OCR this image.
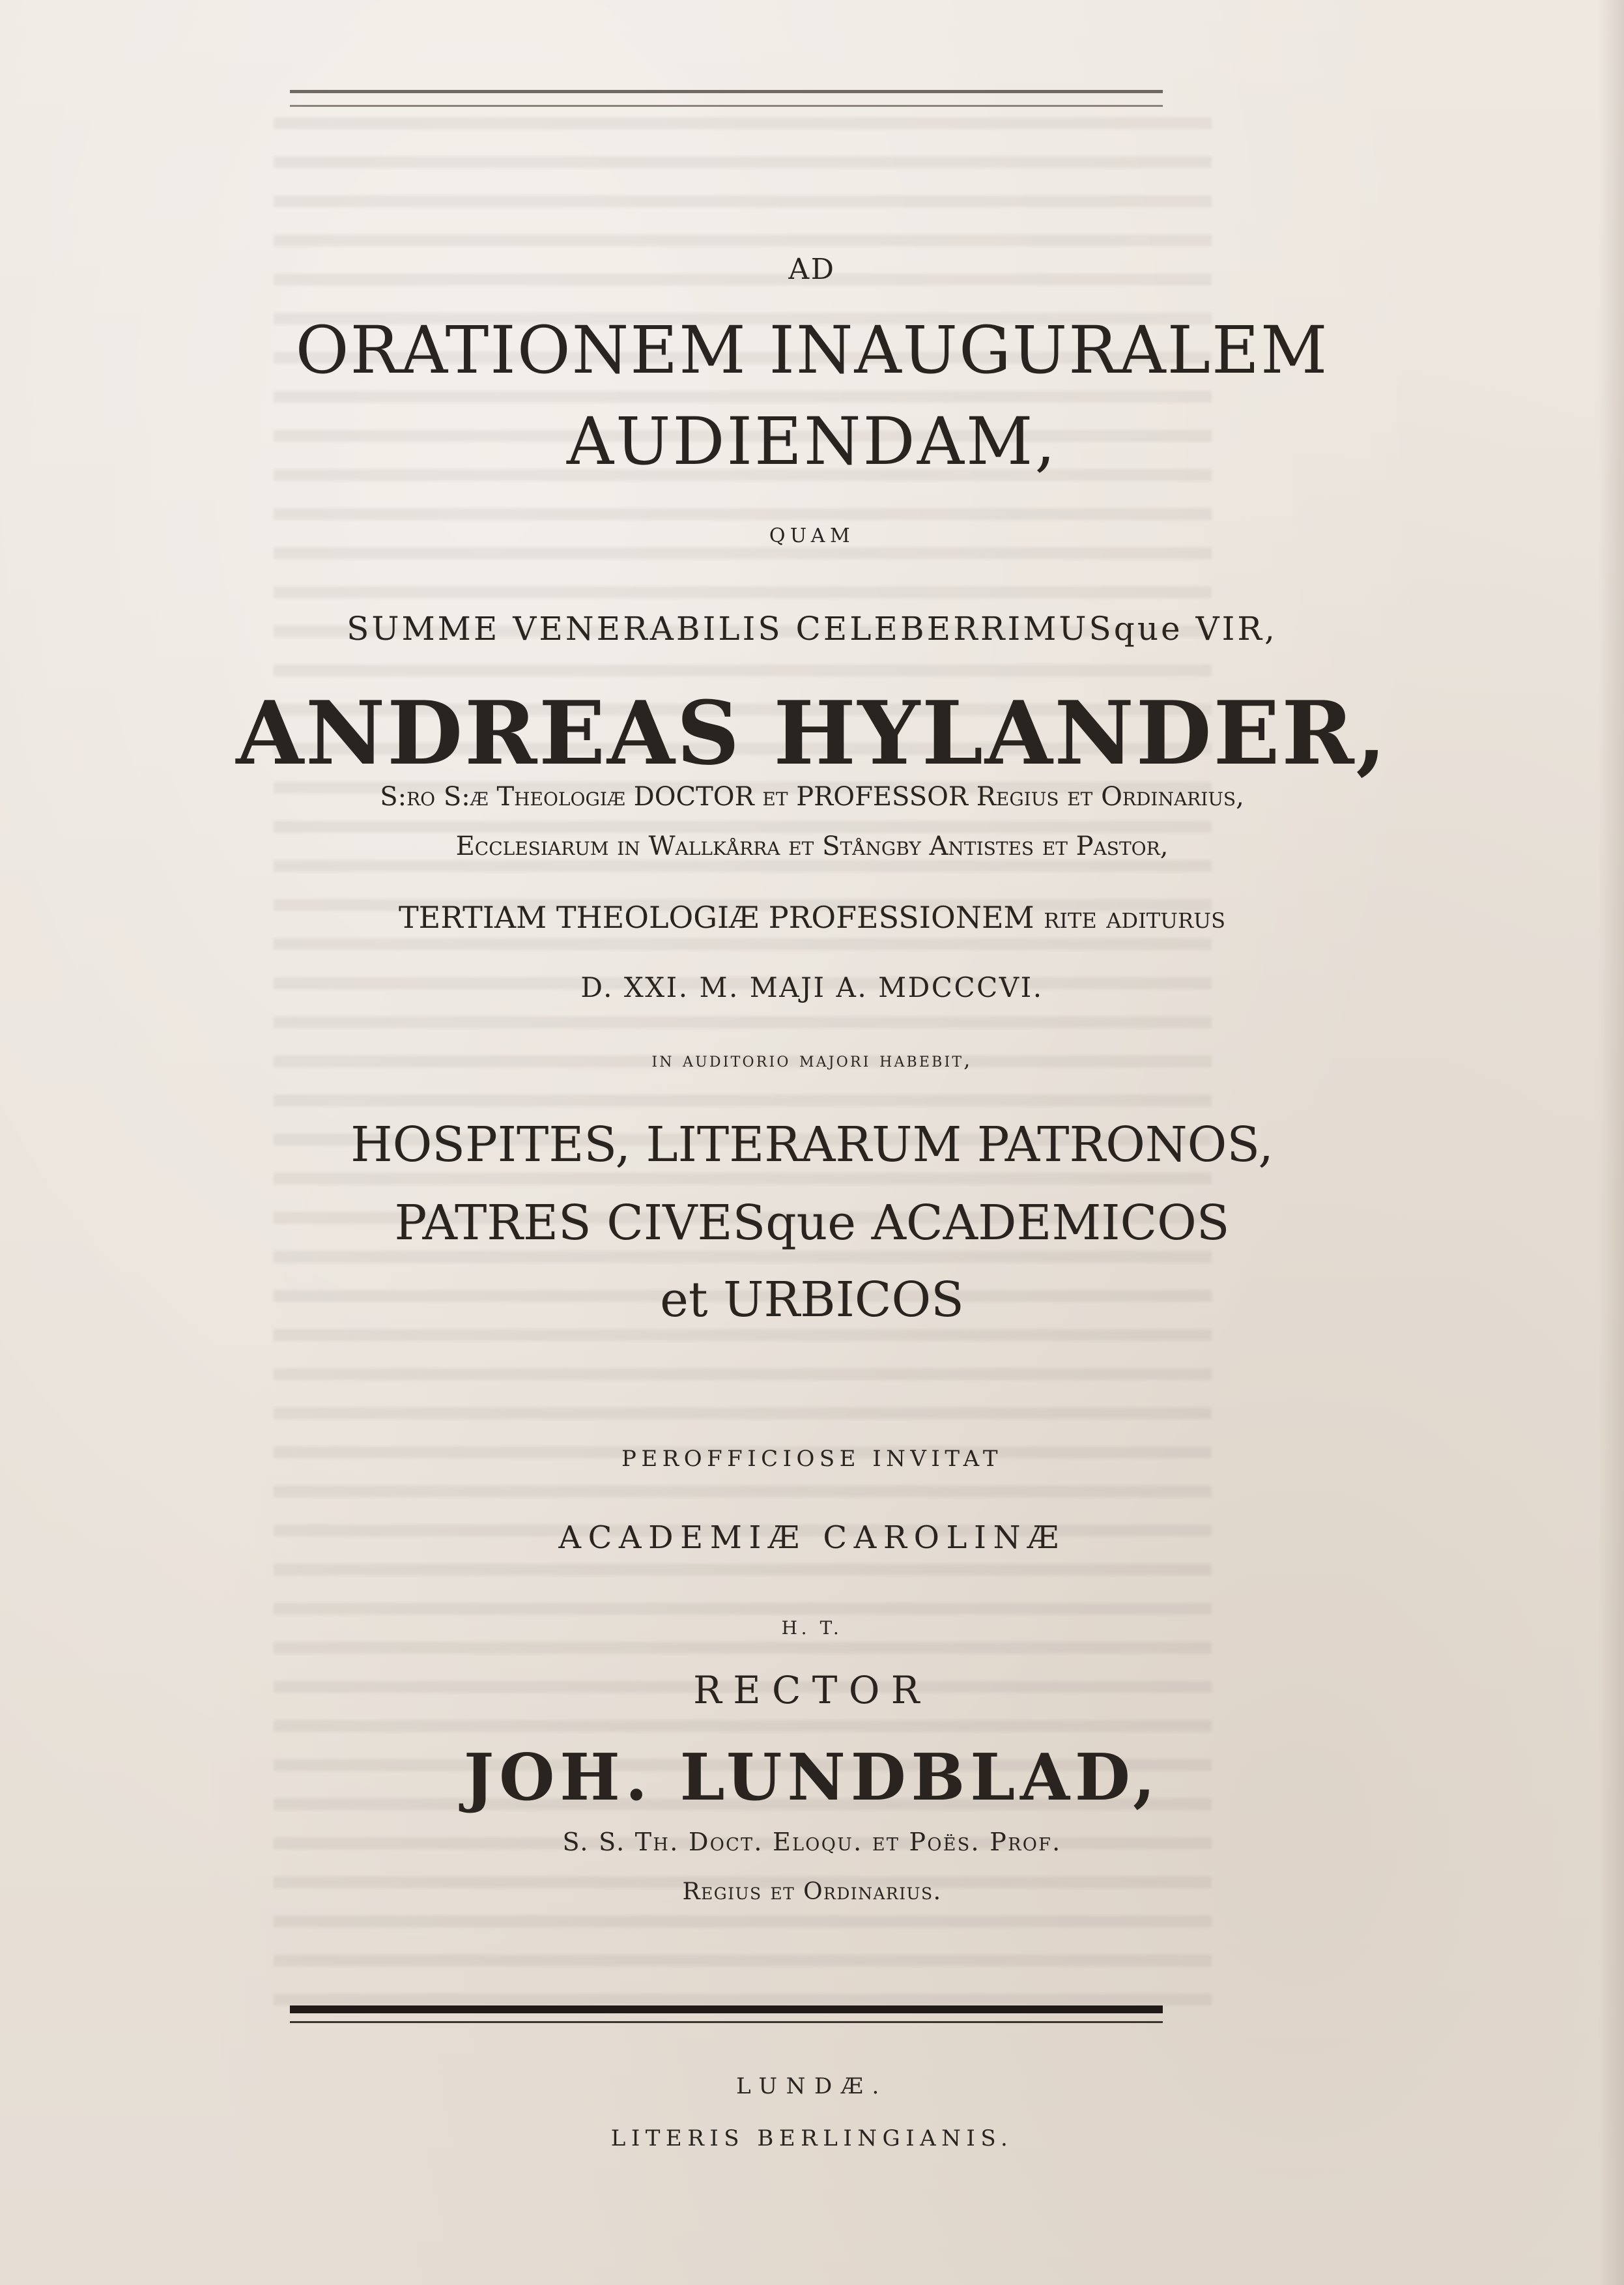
AD
ORATIONEM INAUGURALEM
AUDIENDAM,
QUAM
SUMME VENERABILIS CELEBERRIMUSque VIR,
ANDREAS HYLANDER,
S:ro S:æ Theologiæ DOCTOR et PROFESSOR Regius et Ordinarius,
Ecclesiarum in Wallkårra et Stångby Antistes et Pastor,
TERTIAM THEOLOGIÆ PROFESSIONEM rite aditurus
D. XXI. M. MAJI A. MDCCCVI.
in auditorio majori habebit,
HOSPITES, LITERARUM PATRONOS,
PATRES CIVESque ACADEMICOS
et URBICOS
PEROFFICIOSE INVITAT
ACADEMIÆ CAROLINÆ
H. T.
RECTOR
JOH. LUNDBLAD,
S. S. Th. Doct. Eloqu. et Poës. Prof.
Regius et Ordinarius.
LUNDÆ.
LITERIS BERLINGIANIS.
